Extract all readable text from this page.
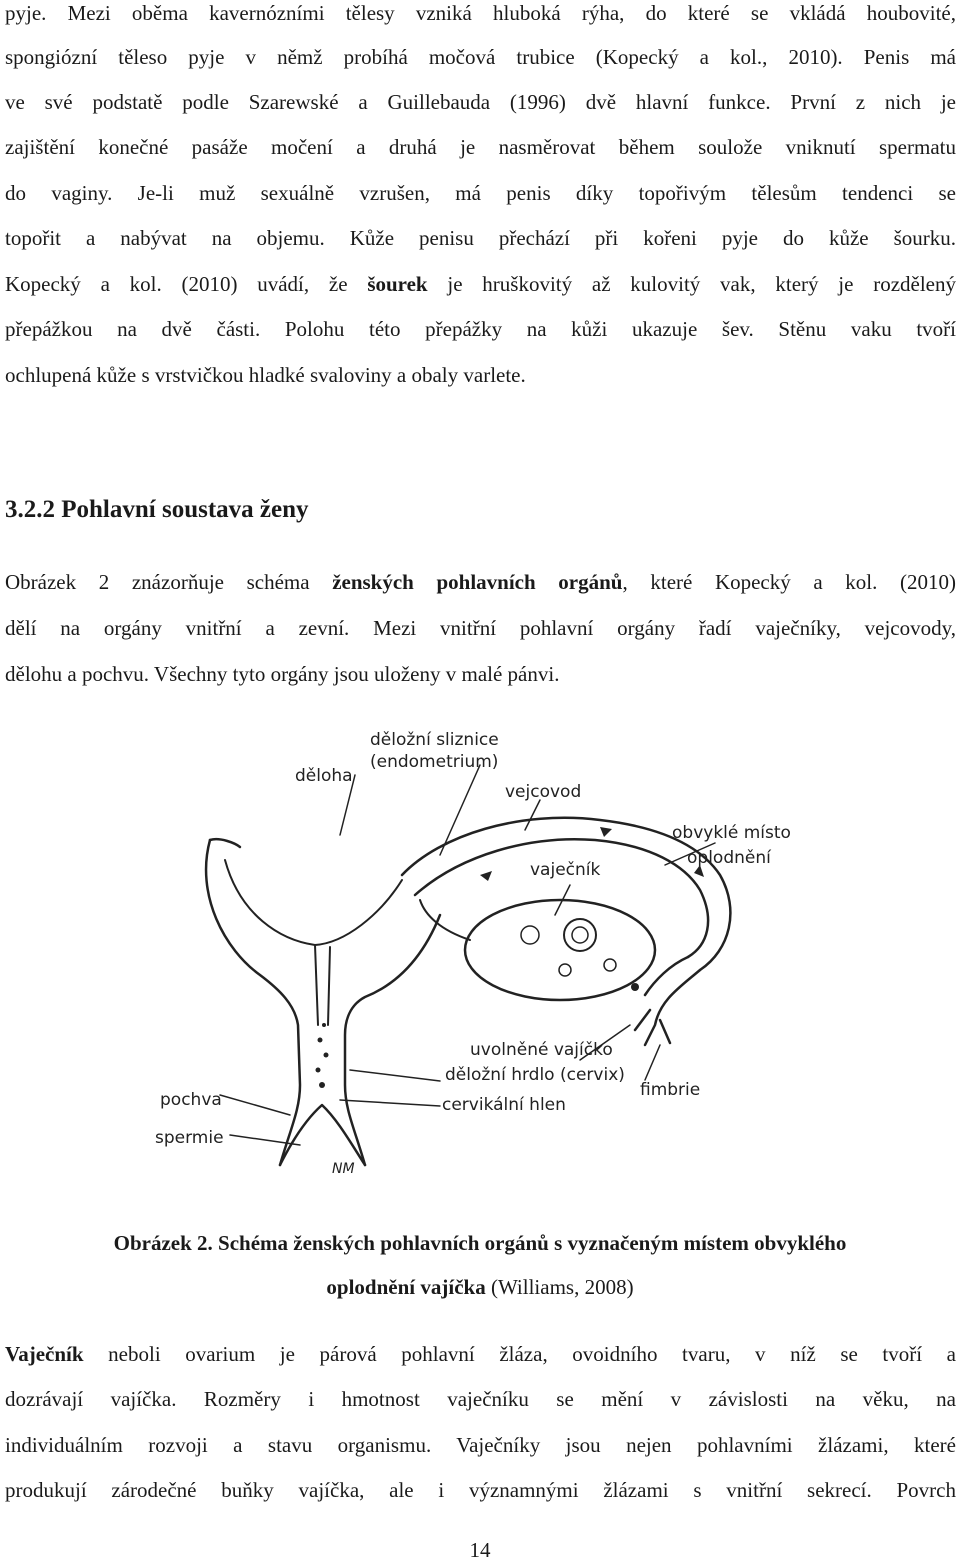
pyje. Mezi oběma kavernózními tělesy vzniká hluboká rýha, do které se vkládá houbovité,
spongiózní těleso pyje v němž probíhá močová trubice (Kopecký a kol., 2010). Penis má
ve své podstatě podle Szarewské a Guillebauda (1996) dvě hlavní funkce. První z nich je
zajištění konečné pasáže močení a druhá je nasměrovat během soulože vniknutí spermatu
do vaginy. Je-li muž sexuálně vzrušen, má penis díky topořivým tělesům tendenci se
topořit a nabývat na objemu. Kůže penisu přechází při kořeni pyje do kůže šourku.
Kopecký a kol. (2010) uvádí, že šourek je hruškovitý až kulovitý vak, který je rozdělený
přepážkou na dvě části. Polohu této přepážky na kůži ukazuje šev. Stěnu vaku tvoří
ochlupená kůže s vrstvičkou hladké svaloviny a obaly varlete.
3.2.2 Pohlavní soustava ženy
Obrázek 2 znázorňuje schéma ženských pohlavních orgánů, které Kopecký a kol. (2010)
dělí na orgány vnitřní a zevní. Mezi vnitřní pohlavní orgány řadí vaječníky, vejcovody,
dělohu a pochvu. Všechny tyto orgány jsou uloženy v malé pánvi.
děložní sliznice
(endometrium)
děloha
vejcovod
obvyklé místo
oplodnění
vaječník
uvolněné vajíčko
děložní hrdlo (cervix)
fimbrie
pochva	cervikální hlen
spermie
NM
Obrázek 2. Schéma ženských pohlavních orgánů s vyznačeným místem obvyklého
oplodnění vajíčka (Williams, 2008)
Vaječník neboli ovarium je párová pohlavní žláza, ovoidního tvaru, v níž se tvoří a
dozrávají vajíčka. Rozměry i hmotnost vaječníku se mění v závislosti na věku, na
individuálním rozvoji a stavu organismu. Vaječníky jsou nejen pohlavními žlázami, které
produkují zárodečné buňky vajíčka, ale i významnými žlázami s vnitřní sekrecí. Povrch
14
